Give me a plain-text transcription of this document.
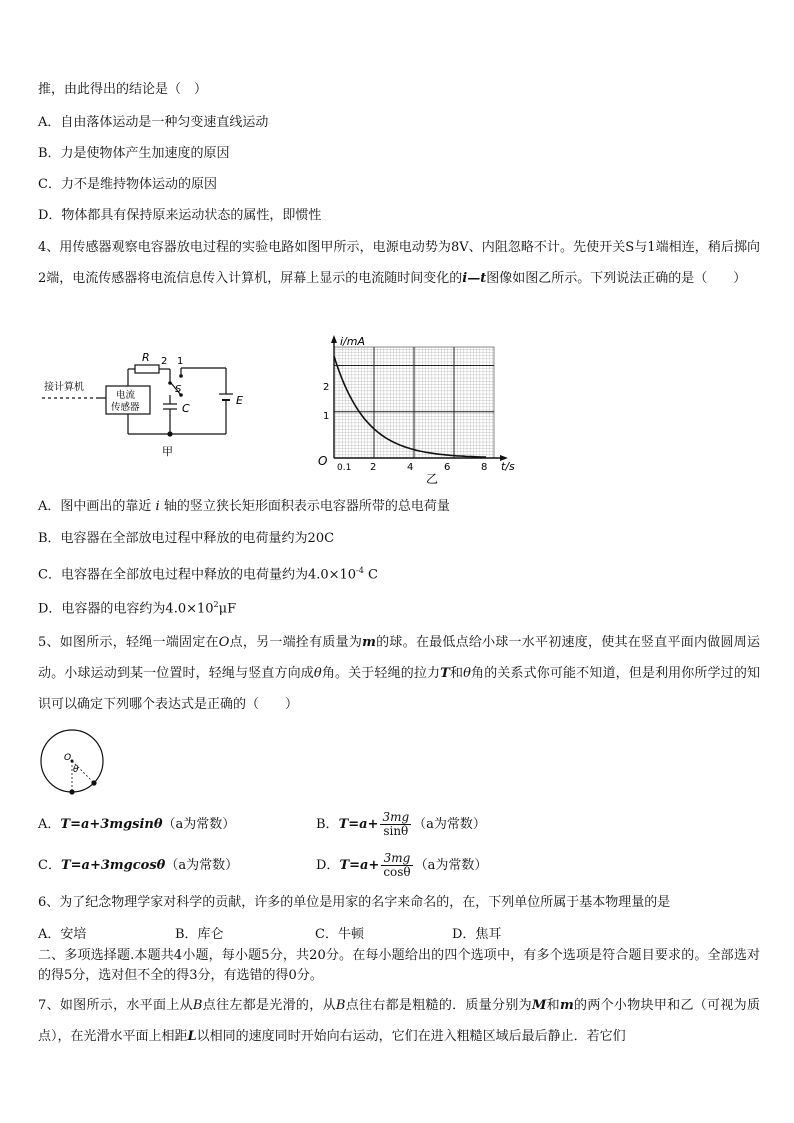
推，由此得出的结论是（　）
A．自由落体运动是一种匀变速直线运动
B．力是使物体产生加速度的原因
C．力不是维持物体运动的原因
D．物体都具有保持原来运动状态的属性，即惯性
4、用传感器观察电容器放电过程的实验电路如图甲所示，电源电动势为8V、内阻忽略不计。先使开关S与1端相连，稍后掷向2端，电流传感器将电流信息传入计算机，屏幕上显示的电流随时间变化的i—t图像如图乙所示。下列说法正确的是（　　）
接计算机
电流
传感器
R 2 1
S
C
E
甲
i/mA
2
1
O 0.1 2	4	6	8 t/s
乙
A．图中画出的靠近 i 轴的竖立狭长矩形面积表示电容器所带的总电荷量
B．电容器在全部放电过程中释放的电荷量约为20C
C．电容器在全部放电过程中释放的电荷量约为$4.0\times 10^{-4}$ C
D．电容器的电容约为$4.0\times 10^2\mu F$
5、如图所示，轻绳一端固定在O点，另一端拴有质量为m的球。在最低点给小球一水平初速度，使其在竖直平面内做圆周运动。小球运动到某一位置时，轻绳与竖直方向成θ角。关于轻绳的拉力T和θ角的关系式你可能不知道，但是利用你所学过的知识可以确定下列哪个表达式是正确的（　　）
O
θ
A．T=a+3mgsinθ（a为常数）	B．$T=a+ \frac{3mg}{\sin\theta} (a$为常数）
C．T=a+3mgcosθ（a为常数）	D．$T=a+ \frac{3mg}{\cos\theta} (a$为常数）
6、为了纪念物理学家对科学的贡献，许多的单位是用家的名字来命名的，在，下列单位所属于基本物理量的是
A．安培	B．库仑	C．牛顿	D．焦耳
二、多项选择题.本题共4小题，每小题5分，共20分。在每小题给出的四个选项中，有多个选项是符合题目要求的。全部选对的得5分，选对但不全的得3分，有选错的得0分。
7、如图所示，水平面上从B点往左都是光滑的，从B点往右都是粗糙的．质量分别为M和m的两个小物块甲和乙（可视为质点），在光滑水平面上相距L以相同的速度同时开始向右运动，它们在进入粗糙区域后最后静止．若它们
